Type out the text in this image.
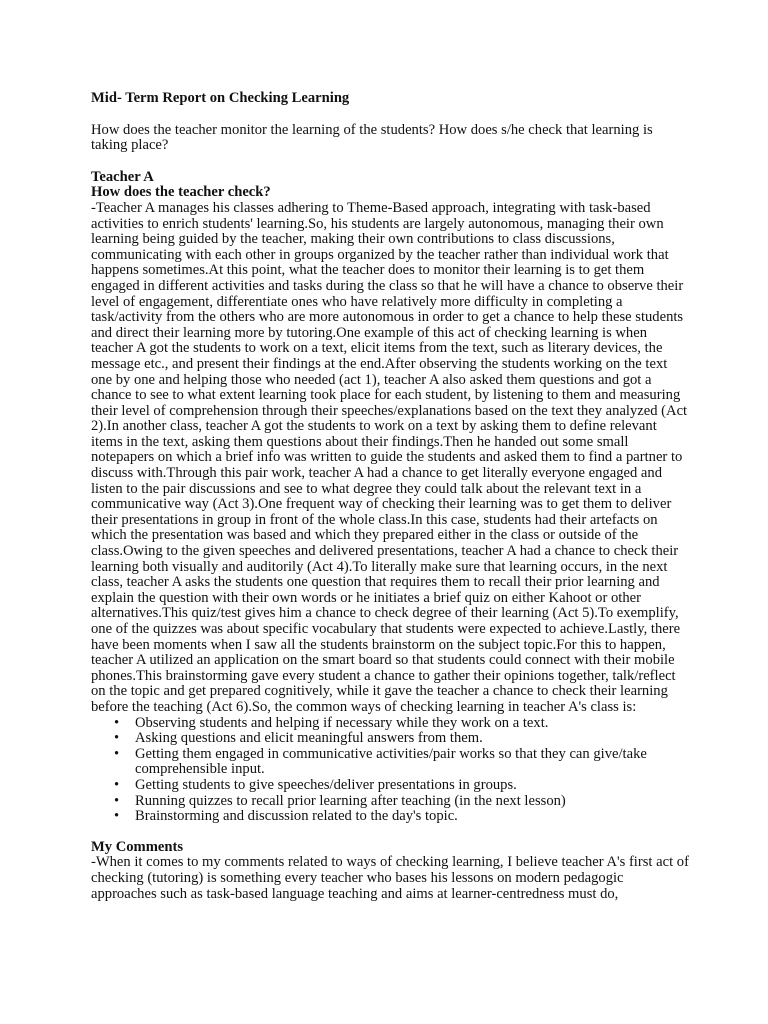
Mid- Term Report on Checking Learning

How does the teacher monitor the learning of the students? How does s/he check that learning is taking place?

Teacher A

How does the teacher check?

-Teacher A manages his classes adhering to Theme-Based approach, integrating with task-based activities to enrich students' learning.So, his students are largely autonomous, managing their own learning being guided by the teacher, making their own contributions to class discussions, communicating with each other in groups organized by the teacher rather than individual work that happens sometimes.At this point, what the teacher does to monitor their learning is to get them engaged in different activities and tasks during the class so that he will have a chance to observe their level of engagement, differentiate ones who have relatively more difficulty in completing a task/activity from the others who are more autonomous in order to get a chance to help these students and direct their learning more by tutoring.One example of this act of checking learning is when teacher A got the students to work on a text, elicit items from the text, such as literary devices, the message etc., and present their findings at the end.After observing the students working on the text one by one and helping those who needed (act 1), teacher A also asked them questions and got a chance to see to what extent learning took place for each student, by listening to them and measuring their level of comprehension through their speeches/explanations based on the text they analyzed (Act 2).In another class, teacher A got the students to work on a text by asking them to define relevant items in the text, asking them questions about their findings.Then he handed out some small notepapers on which a brief info was written to guide the students and asked them to find a partner to discuss with.Through this pair work, teacher A had a chance to get literally everyone engaged and listen to the pair discussions and see to what degree they could talk about the relevant text in a communicative way (Act 3).One frequent way of checking their learning was to get them to deliver their presentations in group in front of the whole class.In this case, students had their artefacts on which the presentation was based and which they prepared either in the class or outside of the class.Owing to the given speeches and delivered presentations, teacher A had a chance to check their learning both visually and auditorily (Act 4).To literally make sure that learning occurs, in the next class, teacher A asks the students one question that requires them to recall their prior learning and explain the question with their own words or he initiates a brief quiz on either Kahoot or other alternatives.This quiz/test gives him a chance to check degree of their learning (Act 5).To exemplify, one of the quizzes was about specific vocabulary that students were expected to achieve.Lastly, there have been moments when I saw all the students brainstorm on the subject topic.For this to happen, teacher A utilized an application on the smart board so that students could connect with their mobile phones.This brainstorming gave every student a chance to gather their opinions together, talk/reflect on the topic and get prepared cognitively, while it gave the teacher a chance to check their learning before the teaching (Act 6).So, the common ways of checking learning in teacher A's class is:

• Observing students and helping if necessary while they work on a text.
• Asking questions and elicit meaningful answers from them.
• Getting them engaged in communicative activities/pair works so that they can give/take comprehensible input.
• Getting students to give speeches/deliver presentations in groups.
• Running quizzes to recall prior learning after teaching (in the next lesson)
• Brainstorming and discussion related to the day's topic.

My Comments

-When it comes to my comments related to ways of checking learning, I believe teacher A's first act of checking (tutoring) is something every teacher who bases his lessons on modern pedagogic approaches such as task-based language teaching and aims at learner-centredness must do,
